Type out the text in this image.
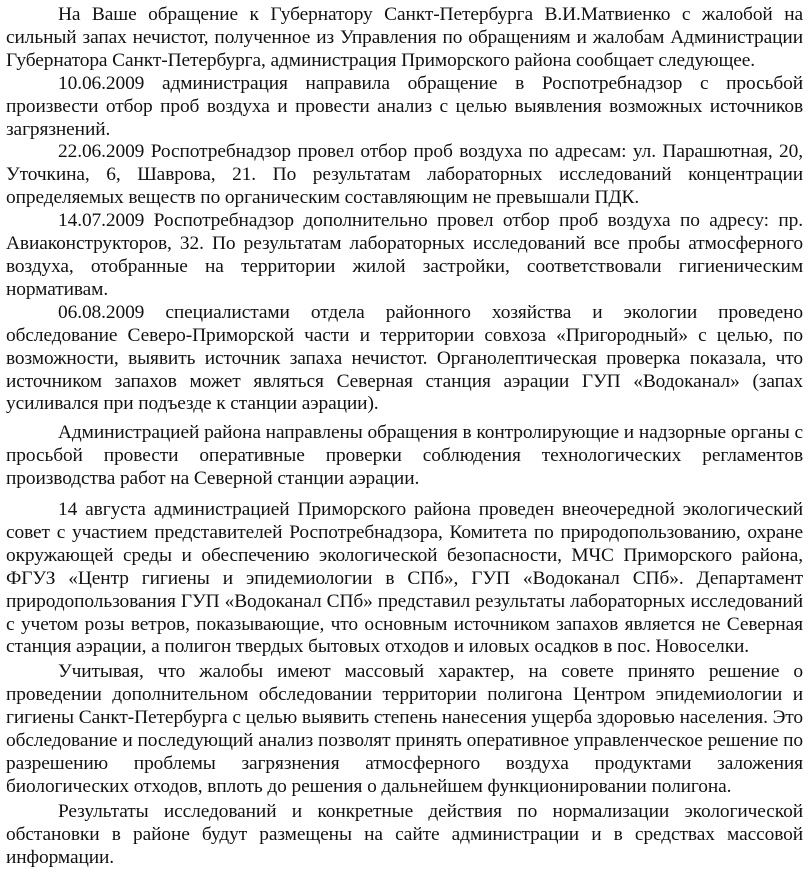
На Ваше обращение к Губернатору Санкт-Петербурга В.И.Матвиенко с жалобой на сильный запах нечистот, полученное из Управления по обращениям и жалобам Администрации Губернатора Санкт-Петербурга, администрация Приморского района сообщает следующее.

10.06.2009 администрация направила обращение в Роспотребнадзор с просьбой произвести отбор проб воздуха и провести анализ с целью выявления возможных источников загрязнений.

22.06.2009 Роспотребнадзор провел отбор проб воздуха по адресам: ул. Парашютная, 20, Уточкина, 6, Шаврова, 21. По результатам лабораторных исследований концентрации определяемых веществ по органическим составляющим не превышали ПДК.

14.07.2009 Роспотребнадзор дополнительно провел отбор проб воздуха по адресу: пр. Авиаконструкторов, 32. По результатам лабораторных исследований все пробы атмосферного воздуха, отобранные на территории жилой застройки, соответствовали гигиеническим нормативам.

06.08.2009 специалистами отдела районного хозяйства и экологии проведено обследование Северо-Приморской части и территории совхоза «Пригородный» с целью, по возможности, выявить источник запаха нечистот. Органолептическая проверка показала, что источником запахов может являться Северная станция аэрации ГУП «Водоканал» (запах усиливался при подъезде к станции аэрации).

Администрацией района направлены обращения в контролирующие и надзорные органы с просьбой провести оперативные проверки соблюдения технологических регламентов производства работ на Северной станции аэрации.

14 августа администрацией Приморского района проведен внеочередной экологический совет с участием представителей Роспотребнадзора, Комитета по природопользованию, охране окружающей среды и обеспечению экологической безопасности, МЧС Приморского района, ФГУЗ «Центр гигиены и эпидемиологии в СПб», ГУП «Водоканал СПб». Департамент природопользования ГУП «Водоканал СПб» представил результаты лабораторных исследований с учетом розы ветров, показывающие, что основным источником запахов является не Северная станция аэрации, а полигон твердых бытовых отходов и иловых осадков в пос. Новоселки.

Учитывая, что жалобы имеют массовый характер, на совете принято решение о проведении дополнительном обследовании территории полигона Центром эпидемиологии и гигиены Санкт-Петербурга с целью выявить степень нанесения ущерба здоровью населения. Это обследование и последующий анализ позволят принять оперативное управленческое решение по разрешению проблемы загрязнения атмосферного воздуха продуктами заложения биологических отходов, вплоть до решения о дальнейшем функционировании полигона.

Результаты исследований и конкретные действия по нормализации экологической обстановки в районе будут размещены на сайте администрации и в средствах массовой информации.
